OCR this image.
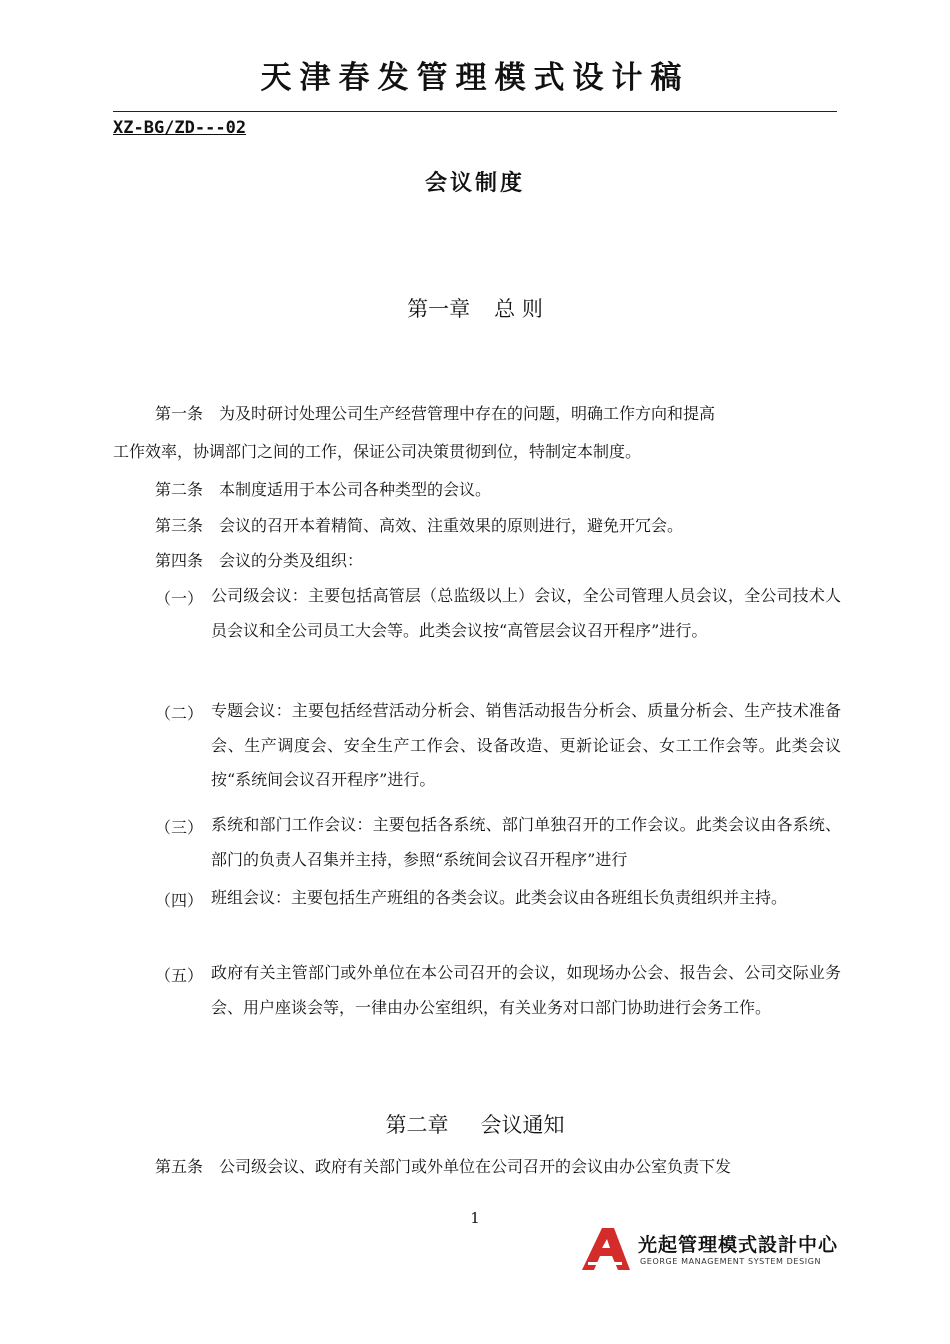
天津春发管理模式设计稿
XZ-BG/ZD---02
会议制度
第一章 总 则
第一条 为及时研讨处理公司生产经营管理中存在的问题，明确工作方向和提高
工作效率，协调部门之间的工作，保证公司决策贯彻到位，特制定本制度。
第二条 本制度适用于本公司各种类型的会议。
第三条 会议的召开本着精简、高效、注重效果的原则进行，避免开冗会。
第四条 会议的分类及组织：
（一） 公司级会议：主要包括高管层（总监级以上）会议，全公司管理人员会议，全公司技术人员会议和全公司员工大会等。此类会议按“高管层会议召开程序”进行。
（二） 专题会议：主要包括经营活动分析会、销售活动报告分析会、质量分析会、生产技术准备会、生产调度会、安全生产工作会、设备改造、更新论证会、女工工作会等。此类会议按“系统间会议召开程序”进行。
（三） 系统和部门工作会议：主要包括各系统、部门单独召开的工作会议。此类会议由各系统、部门的负责人召集并主持，参照“系统间会议召开程序”进行
（四） 班组会议：主要包括生产班组的各类会议。此类会议由各班组长负责组织并主持。
（五） 政府有关主管部门或外单位在本公司召开的会议，如现场办公会、报告会、公司交际业务会、用户座谈会等，一律由办公室组织，有关业务对口部门协助进行会务工作。
第二章 会议通知
第五条 公司级会议、政府有关部门或外单位在公司召开的会议由办公室负责下发
1
光起管理模式設計中心
GEORGE MANAGEMENT SYSTEM DESIGN
